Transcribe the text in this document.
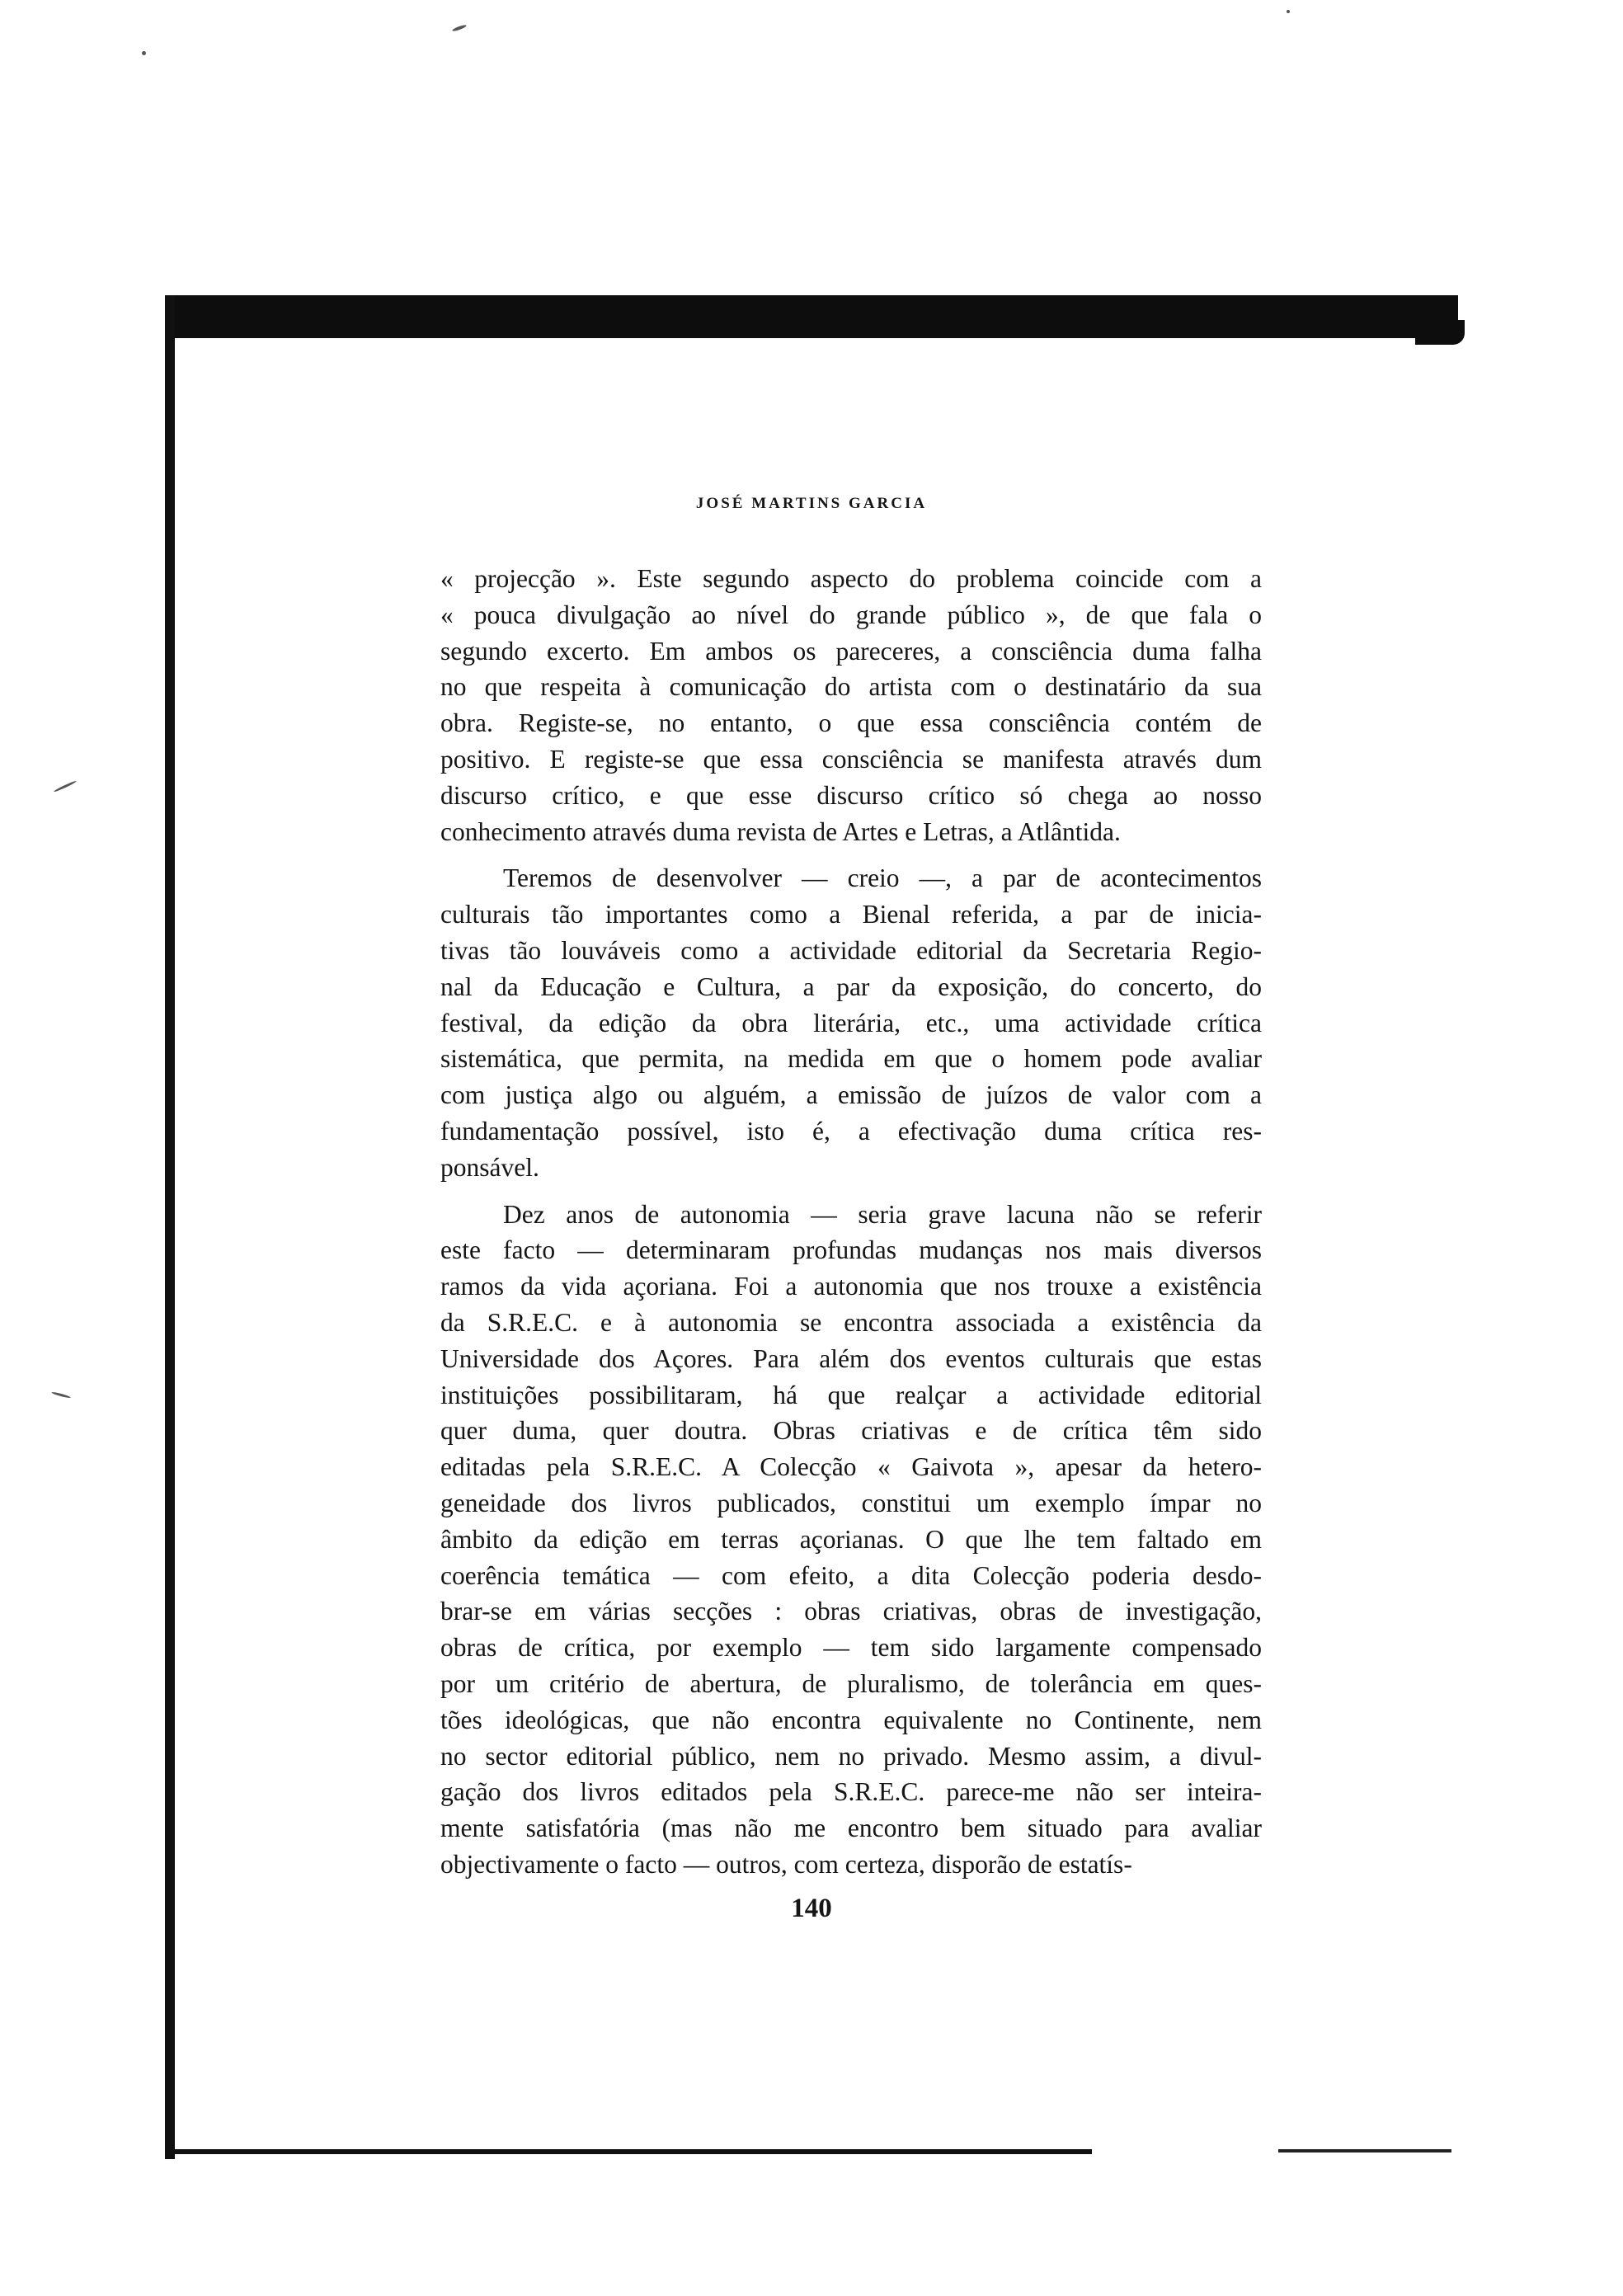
JOSÉ MARTINS GARCIA

« projecção ». Este segundo aspecto do problema coincide com a
« pouca divulgação ao nível do grande público », de que fala o
segundo excerto. Em ambos os pareceres, a consciência duma falha
no que respeita à comunicação do artista com o destinatário da sua
obra. Registe-se, no entanto, o que essa consciência contém de
positivo. E registe-se que essa consciência se manifesta através dum
discurso crítico, e que esse discurso crítico só chega ao nosso
conhecimento através duma revista de Artes e Letras, a Atlântida.

Teremos de desenvolver — creio —, a par de acontecimentos
culturais tão importantes como a Bienal referida, a par de inicia-
tivas tão louváveis como a actividade editorial da Secretaria Regio-
nal da Educação e Cultura, a par da exposição, do concerto, do
festival, da edição da obra literária, etc., uma actividade crítica
sistemática, que permita, na medida em que o homem pode avaliar
com justiça algo ou alguém, a emissão de juízos de valor com a
fundamentação possível, isto é, a efectivação duma crítica res-
ponsável.

Dez anos de autonomia — seria grave lacuna não se referir
este facto — determinaram profundas mudanças nos mais diversos
ramos da vida açoriana. Foi a autonomia que nos trouxe a existência
da S.R.E.C. e à autonomia se encontra associada a existência da
Universidade dos Açores. Para além dos eventos culturais que estas
instituições possibilitaram, há que realçar a actividade editorial
quer duma, quer doutra. Obras criativas e de crítica têm sido
editadas pela S.R.E.C. A Colecção « Gaivota », apesar da hetero-
geneidade dos livros publicados, constitui um exemplo ímpar no
âmbito da edição em terras açorianas. O que lhe tem faltado em
coerência temática — com efeito, a dita Colecção poderia desdo-
brar-se em várias secções : obras criativas, obras de investigação,
obras de crítica, por exemplo — tem sido largamente compensado
por um critério de abertura, de pluralismo, de tolerância em ques-
tões ideológicas, que não encontra equivalente no Continente, nem
no sector editorial público, nem no privado. Mesmo assim, a divul-
gação dos livros editados pela S.R.E.C. parece-me não ser inteira-
mente satisfatória (mas não me encontro bem situado para avaliar
objectivamente o facto — outros, com certeza, disporão de estatís-

140
